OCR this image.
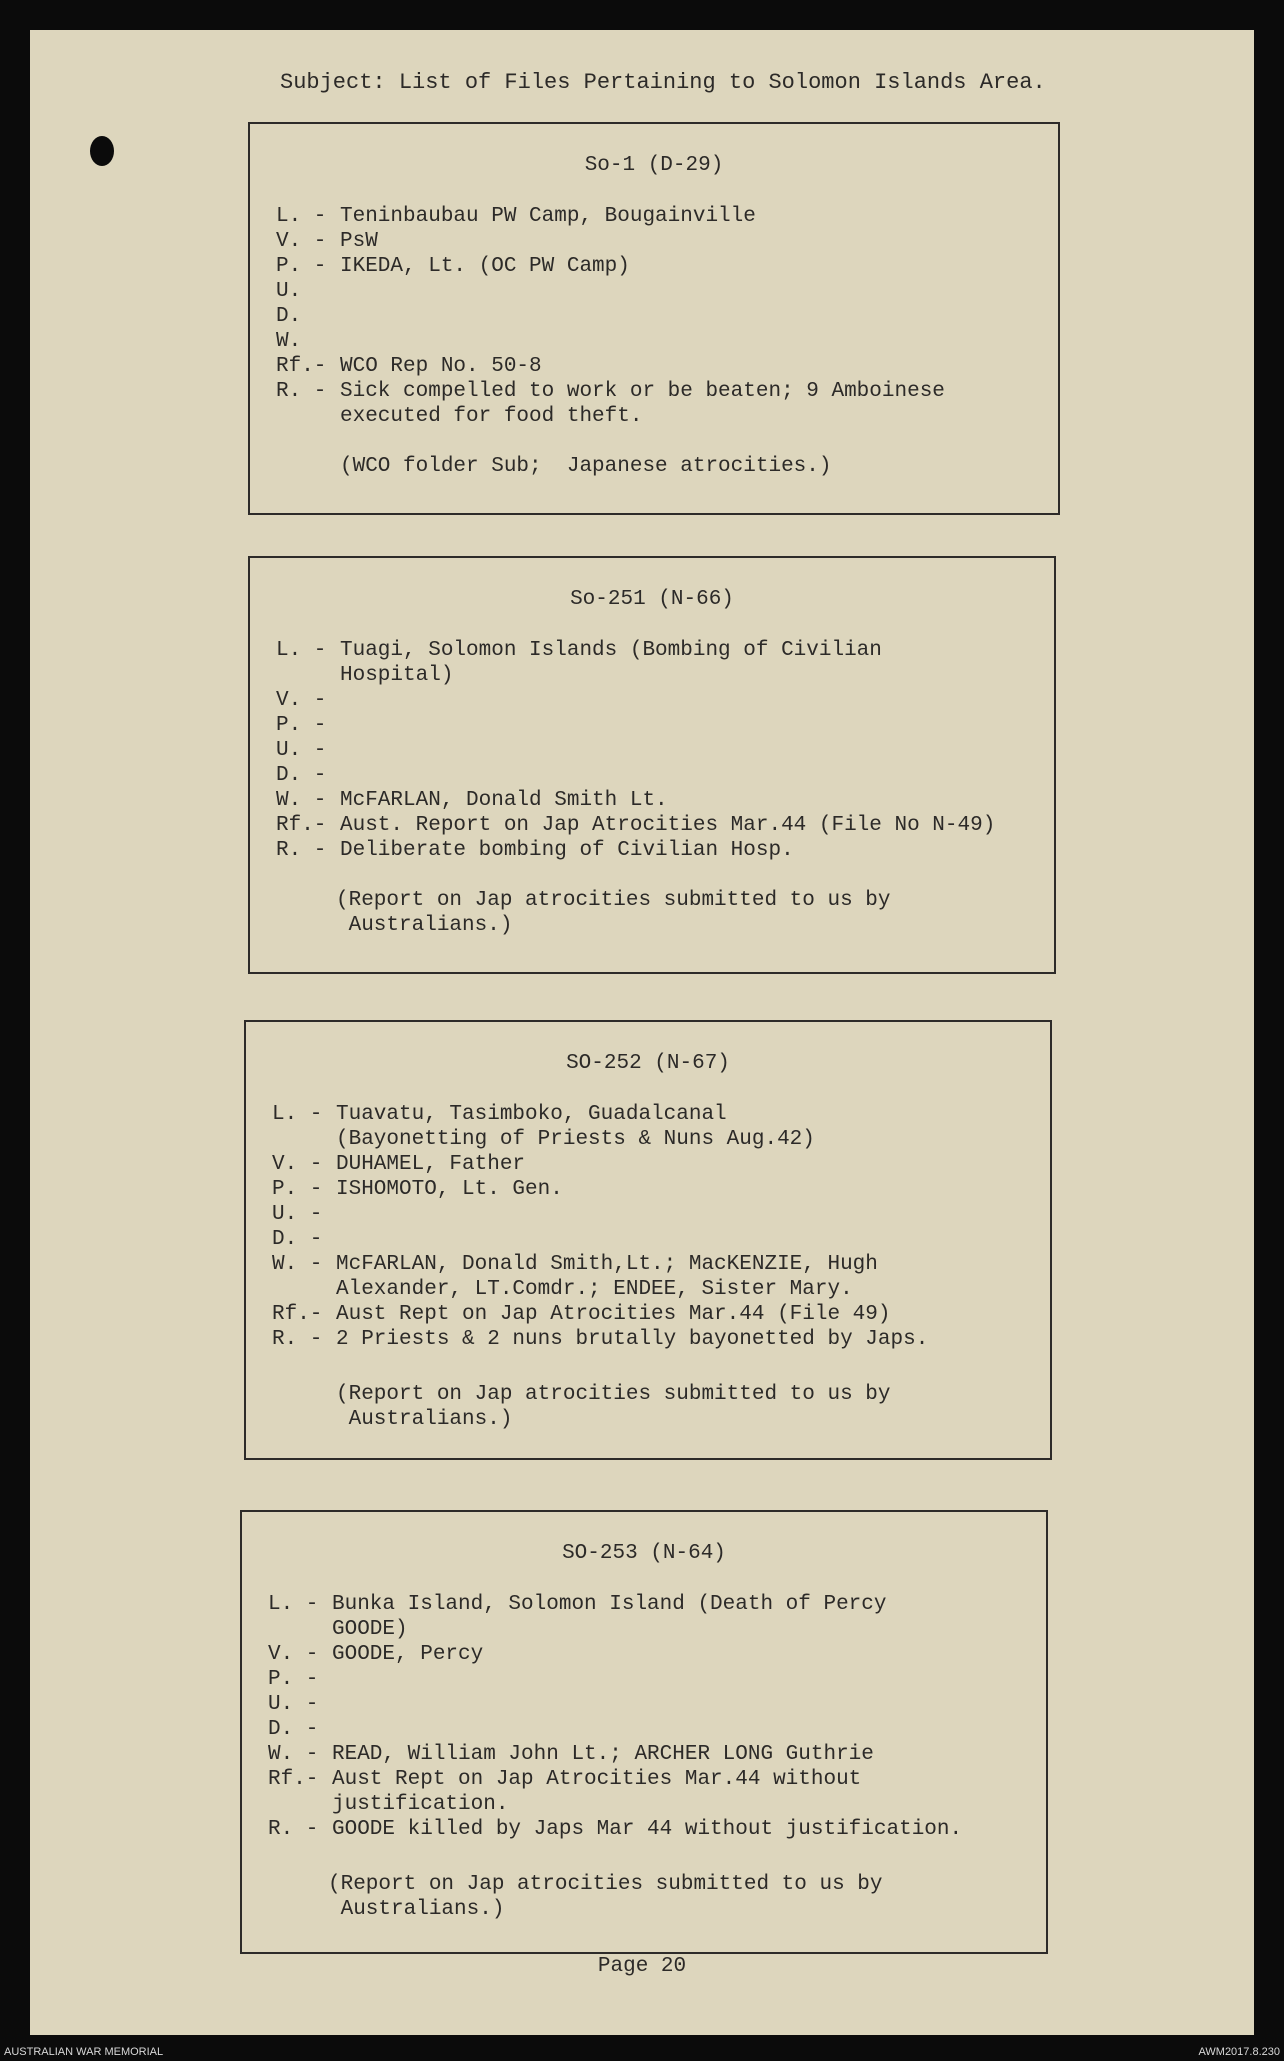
Subject: List of Files Pertaining to Solomon Islands Area.
So-1 (D-29)
L. - Teninbaubau PW Camp, Bougainville
V. - PsW
P. - IKEDA, Lt. (OC PW Camp)
U.
D.
W.
Rf.- WCO Rep No. 50-8
R. - Sick compelled to work or be beaten; 9 Amboinese
executed for food theft.
(WCO folder Sub;  Japanese atrocities.)
So-251 (N-66)
L. - Tuagi, Solomon Islands (Bombing of Civilian
Hospital)
V. -
P. -
U. -
D. -
W. - McFARLAN, Donald Smith Lt.
Rf.- Aust. Report on Jap Atrocities Mar.44 (File No N-49)
R. - Deliberate bombing of Civilian Hosp.
(Report on Jap atrocities submitted to us by
Australians.)
SO-252 (N-67)
L. - Tuavatu, Tasimboko, Guadalcanal
(Bayonetting of Priests & Nuns Aug.42)
V. - DUHAMEL, Father
P. - ISHOMOTO, Lt. Gen.
U. -
D. -
W. - McFARLAN, Donald Smith,Lt.; MacKENZIE, Hugh
Alexander, LT.Comdr.; ENDEE, Sister Mary.
Rf.- Aust Rept on Jap Atrocities Mar.44 (File 49)
R. - 2 Priests & 2 nuns brutally bayonetted by Japs.
(Report on Jap atrocities submitted to us by
Australians.)
SO-253 (N-64)
L. - Bunka Island, Solomon Island (Death of Percy
GOODE)
V. - GOODE, Percy
P. -
U. -
D. -
W. - READ, William John Lt.; ARCHER LONG Guthrie
Rf.- Aust Rept on Jap Atrocities Mar.44 without
justification.
R. - GOODE killed by Japs Mar 44 without justification.
(Report on Jap atrocities submitted to us by
Australians.)
Page 20
AUSTRALIAN WAR MEMORIAL	AWM2017.8.230
